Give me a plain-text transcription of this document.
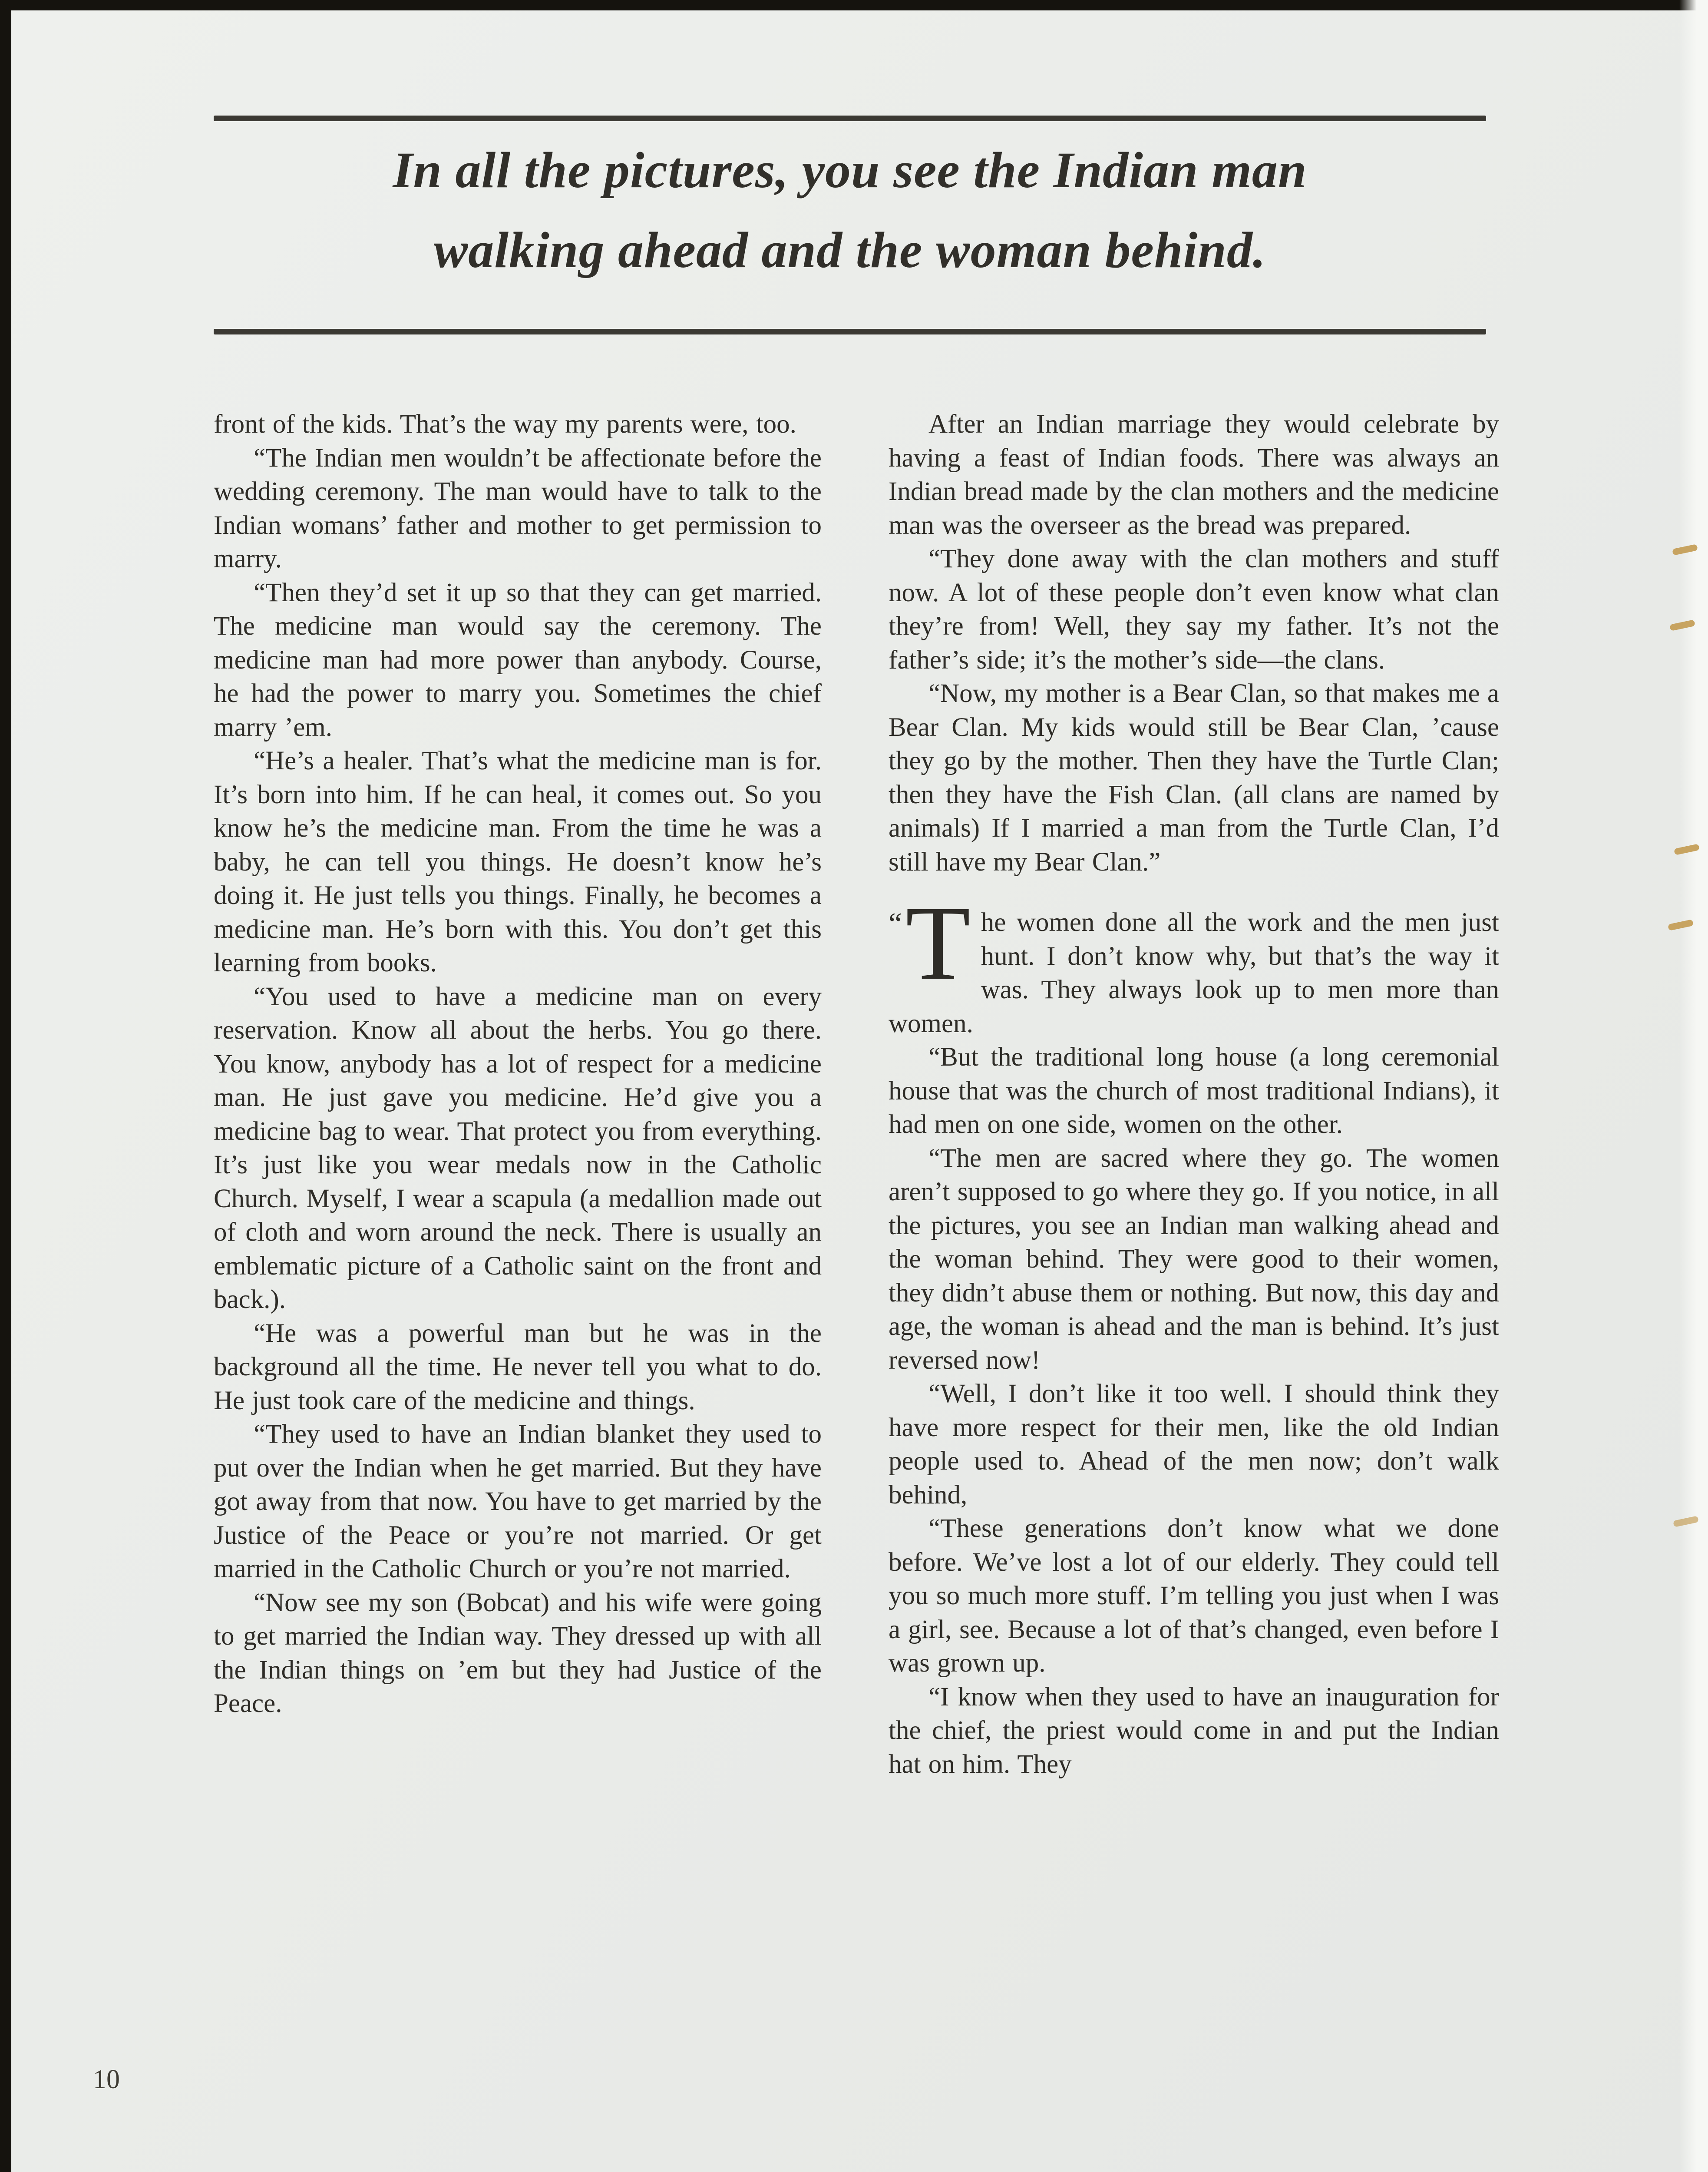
In all the pictures, you see the Indian man
walking ahead and the woman behind.

front of the kids. That’s the way my parents were, too.

“The Indian men wouldn’t be affectionate before the wedding ceremony. The man would have to talk to the Indian womans’ father and mother to get permission to marry.

“Then they’d set it up so that they can get married. The medicine man would say the ceremony. The medicine man had more power than anybody. Course, he had the power to marry you. Sometimes the chief marry ’em.

“He’s a healer. That’s what the medicine man is for. It’s born into him. If he can heal, it comes out. So you know he’s the medicine man. From the time he was a baby, he can tell you things. He doesn’t know he’s doing it. He just tells you things. Finally, he becomes a medicine man. He’s born with this. You don’t get this learning from books.

“You used to have a medicine man on every reservation. Know all about the herbs. You go there. You know, anybody has a lot of respect for a medicine man. He just gave you medicine. He’d give you a medicine bag to wear. That protect you from everything. It’s just like you wear medals now in the Catholic Church. Myself, I wear a scapula (a medallion made out of cloth and worn around the neck. There is usually an emblematic picture of a Catholic saint on the front and back.).

“He was a powerful man but he was in the background all the time. He never tell you what to do. He just took care of the medicine and things.

“They used to have an Indian blanket they used to put over the Indian when he get married. But they have got away from that now. You have to get married by the Justice of the Peace or you’re not married. Or get married in the Catholic Church or you’re not married.

“Now see my son (Bobcat) and his wife were going to get married the Indian way. They dressed up with all the Indian things on ’em but they had Justice of the Peace.

After an Indian marriage they would celebrate by having a feast of Indian foods. There was always an Indian bread made by the clan mothers and the medicine man was the overseer as the bread was prepared.

“They done away with the clan mothers and stuff now. A lot of these people don’t even know what clan they’re from! Well, they say my father. It’s not the father’s side; it’s the mother’s side—the clans.

“Now, my mother is a Bear Clan, so that makes me a Bear Clan. My kids would still be Bear Clan, ’cause they go by the mother. Then they have the Turtle Clan; then they have the Fish Clan. (all clans are named by animals) If I married a man from the Turtle Clan, I’d still have my Bear Clan.”

“ T he women done all the work and the men just hunt. I don’t know why, but that’s the way it was. They always look up to men more than women.

“But the traditional long house (a long ceremonial house that was the church of most traditional Indians), it had men on one side, women on the other.

“The men are sacred where they go. The women aren’t supposed to go where they go. If you notice, in all the pictures, you see an Indian man walking ahead and the woman behind. They were good to their women, they didn’t abuse them or nothing. But now, this day and age, the woman is ahead and the man is behind. It’s just reversed now!

“Well, I don’t like it too well. I should think they have more respect for their men, like the old Indian people used to. Ahead of the men now; don’t walk behind,

“These generations don’t know what we done before. We’ve lost a lot of our elderly. They could tell you so much more stuff. I’m telling you just when I was a girl, see. Because a lot of that’s changed, even before I was grown up.

“I know when they used to have an inauguration for the chief, the priest would come in and put the Indian hat on him. They

10
